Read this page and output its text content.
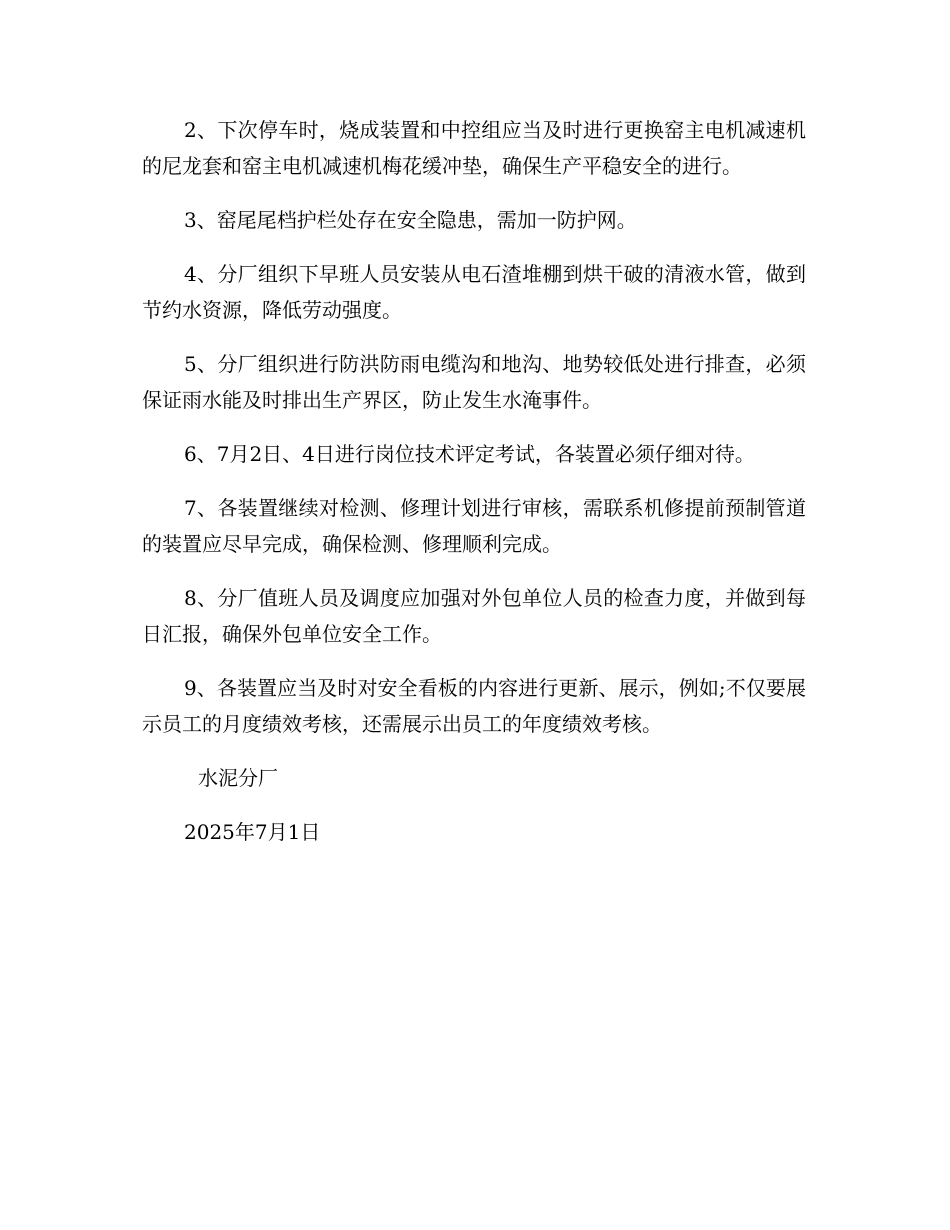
2、下次停车时，烧成装置和中控组应当及时进行更换窑主电机减速机的尼龙套和窑主电机减速机梅花缓冲垫，确保生产平稳安全的进行。

3、窑尾尾档护栏处存在安全隐患，需加一防护网。

4、分厂组织下早班人员安装从电石渣堆棚到烘干破的清液水管，做到节约水资源，降低劳动强度。

5、分厂组织进行防洪防雨电缆沟和地沟、地势较低处进行排查，必须保证雨水能及时排出生产界区，防止发生水淹事件。

6、7月2日、4日进行岗位技术评定考试，各装置必须仔细对待。

7、各装置继续对检测、修理计划进行审核，需联系机修提前预制管道的装置应尽早完成，确保检测、修理顺利完成。

8、分厂值班人员及调度应加强对外包单位人员的检查力度，并做到每日汇报，确保外包单位安全工作。

9、各装置应当及时对安全看板的内容进行更新、展示，例如;不仅要展示员工的月度绩效考核，还需展示出员工的年度绩效考核。

水泥分厂

2025年7月1日
